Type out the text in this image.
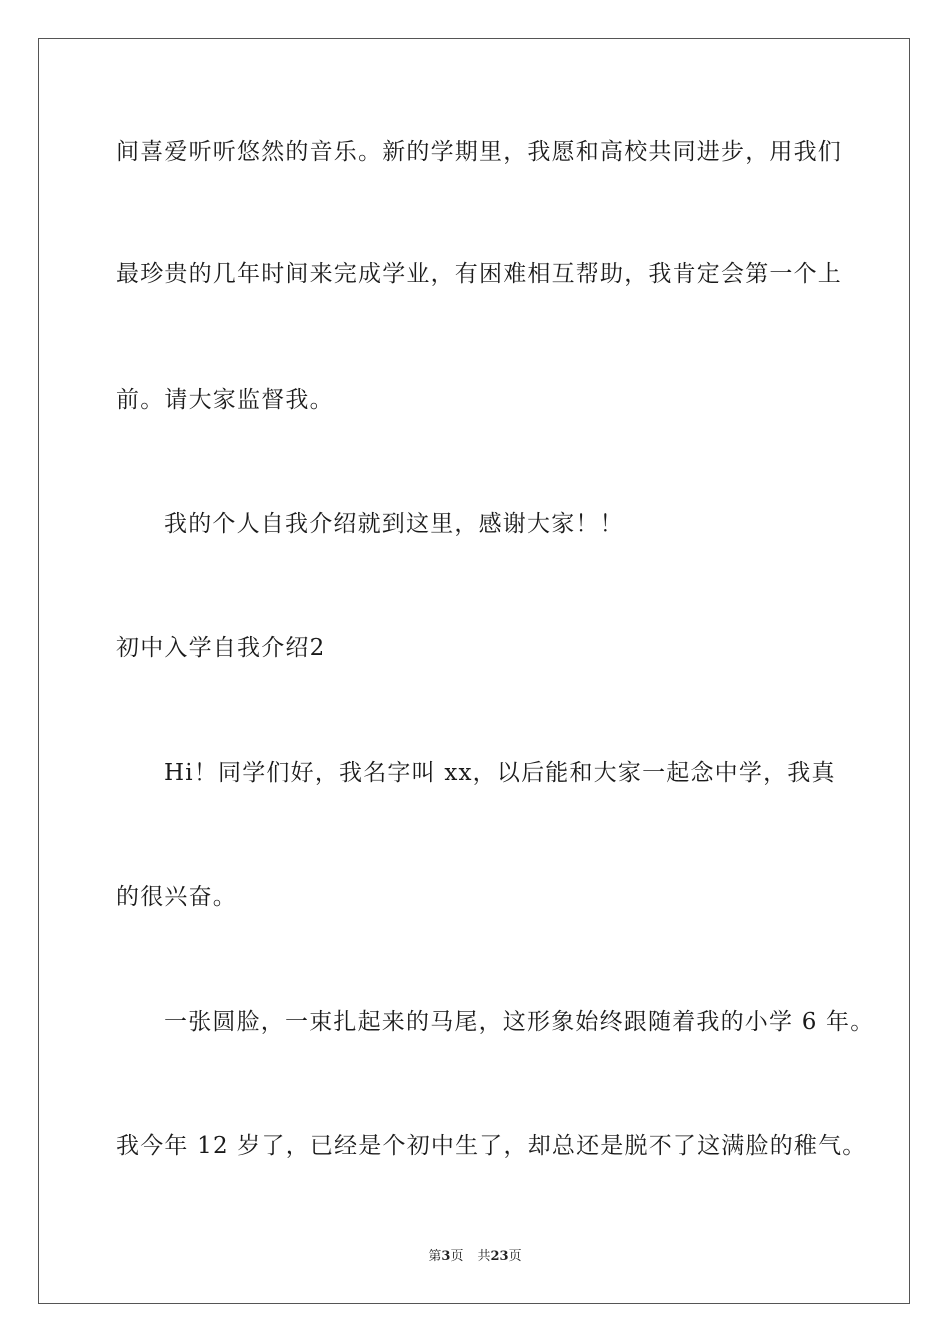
间喜爱听听悠然的音乐。新的学期里，我愿和高校共同进步，用我们
最珍贵的几年时间来完成学业，有困难相互帮助，我肯定会第一个上
前。请大家监督我。
我的个人自我介绍就到这里，感谢大家！！
初中入学自我介绍2
Hi！同学们好，我名字叫 xx，以后能和大家一起念中学，我真
的很兴奋。
一张圆脸，一束扎起来的马尾，这形象始终跟随着我的小学 6 年。
我今年 12 岁了，已经是个初中生了，却总还是脱不了这满脸的稚气。
第3页 共23页
